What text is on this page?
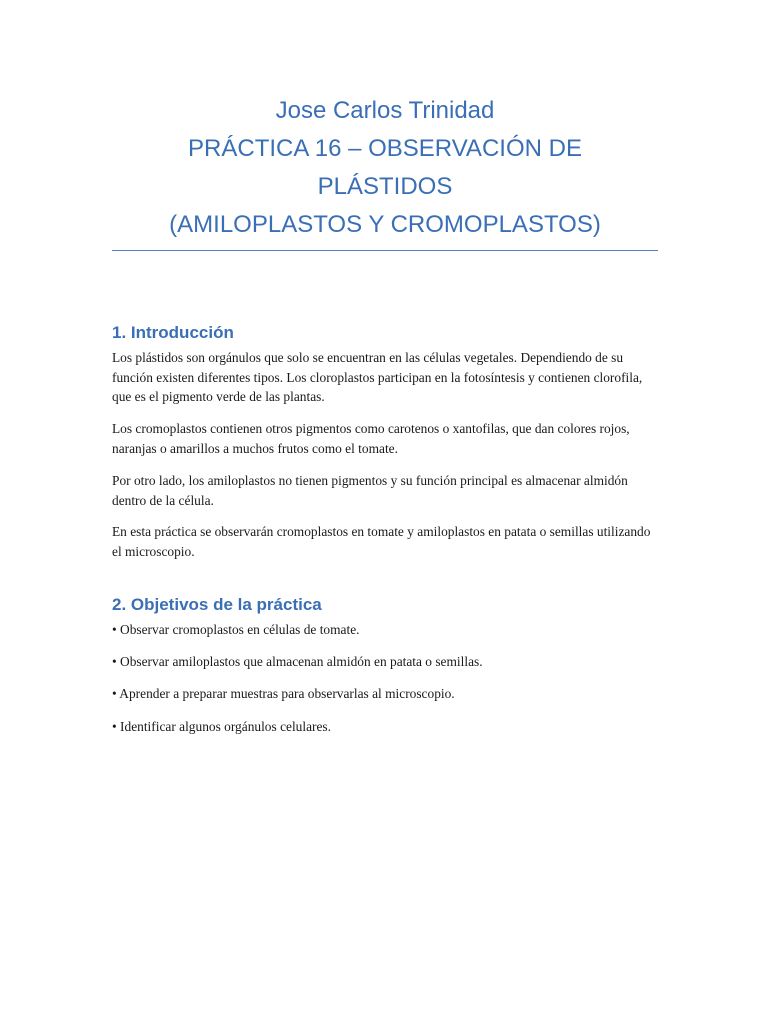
Jose Carlos Trinidad

PRÁCTICA 16 – OBSERVACIÓN DE

PLÁSTIDOS

(AMILOPLASTOS Y CROMOPLASTOS)

1. Introducción

Los plástidos son orgánulos que solo se encuentran en las células vegetales. Dependiendo de su función existen diferentes tipos. Los cloroplastos participan en la fotosíntesis y contienen clorofila, que es el pigmento verde de las plantas.

Los cromoplastos contienen otros pigmentos como carotenos o xantofilas, que dan colores rojos, naranjas o amarillos a muchos frutos como el tomate.

Por otro lado, los amiloplastos no tienen pigmentos y su función principal es almacenar almidón dentro de la célula.

En esta práctica se observarán cromoplastos en tomate y amiloplastos en patata o semillas utilizando el microscopio.

2. Objetivos de la práctica

• Observar cromoplastos en células de tomate.

• Observar amiloplastos que almacenan almidón en patata o semillas.

• Aprender a preparar muestras para observarlas al microscopio.

• Identificar algunos orgánulos celulares.
